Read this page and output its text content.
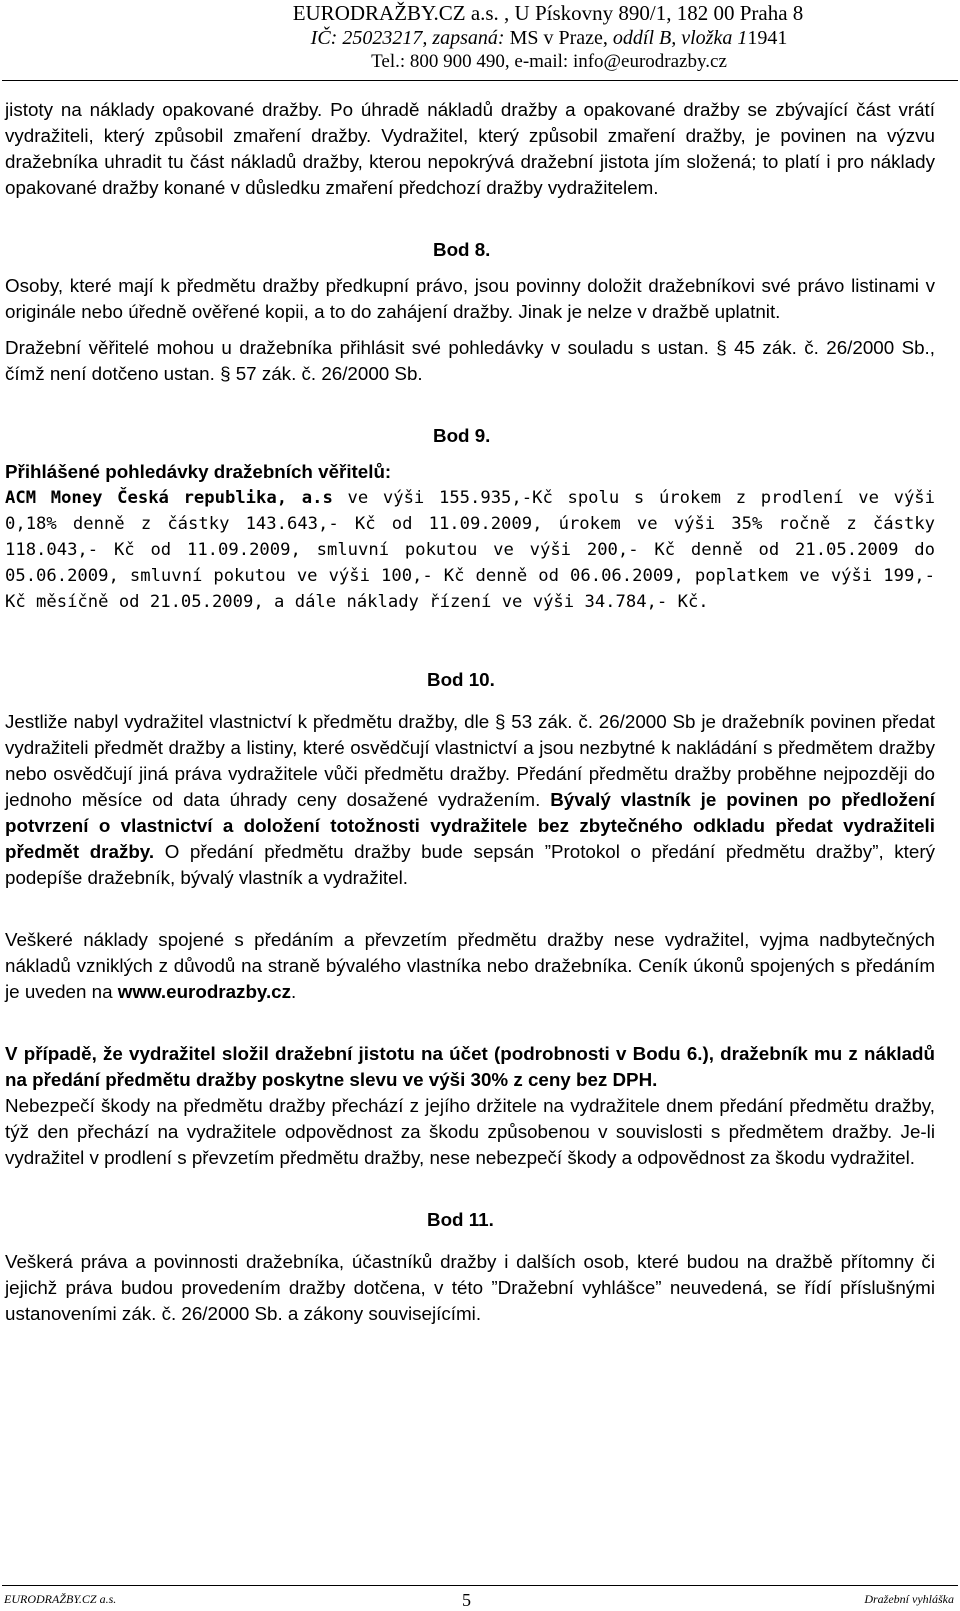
EURODRAŽBY.CZ a.s. , U Pískovny 890/1, 182 00 Praha 8
IČ: 25023217, zapsaná: MS v Praze, oddíl B, vložka 11941
Tel.: 800 900 490, e-mail: info@eurodrazby.cz

jistoty na náklady opakované dražby. Po úhradě nákladů dražby a opakované dražby se zbývající část vrátí vydražiteli, který způsobil zmaření dražby. Vydražitel, který způsobil zmaření dražby, je povinen na výzvu dražebníka uhradit tu část nákladů dražby, kterou nepokrývá dražební jistota jím složená; to platí i pro náklady opakované dražby konané v důsledku zmaření předchozí dražby vydražitelem.

Bod 8.

Osoby, které mají k předmětu dražby předkupní právo, jsou povinny doložit dražebníkovi své právo listinami v originále nebo úředně ověřené kopii, a to do zahájení dražby. Jinak je nelze v dražbě uplatnit.

Dražební věřitelé mohou u dražebníka přihlásit své pohledávky v souladu s ustan. § 45 zák. č. 26/2000 Sb., čímž není dotčeno ustan. § 57 zák. č. 26/2000 Sb.

Bod 9.

Přihlášené pohledávky dražebních věřitelů:

ACM Money Česká republika, a.s ve výši 155.935,-Kč spolu s úrokem z prodlení ve výši 0,18% denně z částky 143.643,- Kč od 11.09.2009, úrokem ve výši 35% ročně z částky 118.043,- Kč od 11.09.2009, smluvní pokutou ve výši 200,- Kč denně od 21.05.2009 do 05.06.2009, smluvní pokutou ve výši 100,- Kč denně od 06.06.2009, poplatkem ve výši 199,- Kč měsíčně od 21.05.2009, a dále náklady řízení ve výši 34.784,- Kč.

Bod 10.

Jestliže nabyl vydražitel vlastnictví k předmětu dražby, dle § 53 zák. č. 26/2000 Sb je dražebník povinen předat vydražiteli předmět dražby a listiny, které osvědčují vlastnictví a jsou nezbytné k nakládání s předmětem dražby nebo osvědčují jiná práva vydražitele vůči předmětu dražby. Předání předmětu dražby proběhne nejpozději do jednoho měsíce od data úhrady ceny dosažené vydražením. Bývalý vlastník je povinen po předložení potvrzení o vlastnictví a doložení totožnosti vydražitele bez zbytečného odkladu předat vydražiteli předmět dražby. O předání předmětu dražby bude sepsán ”Protokol o předání předmětu dražby”, který podepíše dražebník, bývalý vlastník a vydražitel.

Veškeré náklady spojené s předáním a převzetím předmětu dražby nese vydražitel, vyjma nadbytečných nákladů vzniklých z důvodů na straně bývalého vlastníka nebo dražebníka. Ceník úkonů spojených s předáním je uveden na www.eurodrazby.cz.

V případě, že vydražitel složil dražební jistotu na účet (podrobnosti v Bodu 6.), dražebník mu z nákladů na předání předmětu dražby poskytne slevu ve výši 30% z ceny bez DPH.

Nebezpečí škody na předmětu dražby přechází z jejího držitele na vydražitele dnem předání předmětu dražby, týž den přechází na vydražitele odpovědnost za škodu způsobenou v souvislosti s předmětem dražby. Je-li vydražitel v prodlení s převzetím předmětu dražby, nese nebezpečí škody a odpovědnost za škodu vydražitel.

Bod 11.

Veškerá práva a povinnosti dražebníka, účastníků dražby i dalších osob, které budou na dražbě přítomny či jejichž práva budou provedením dražby dotčena, v této ”Dražební vyhlášce” neuvedená, se řídí příslušnými ustanoveními zák. č. 26/2000 Sb. a zákony souvisejícími.

EURODRAŽBY.CZ a.s.	5	Dražební vyhláška
